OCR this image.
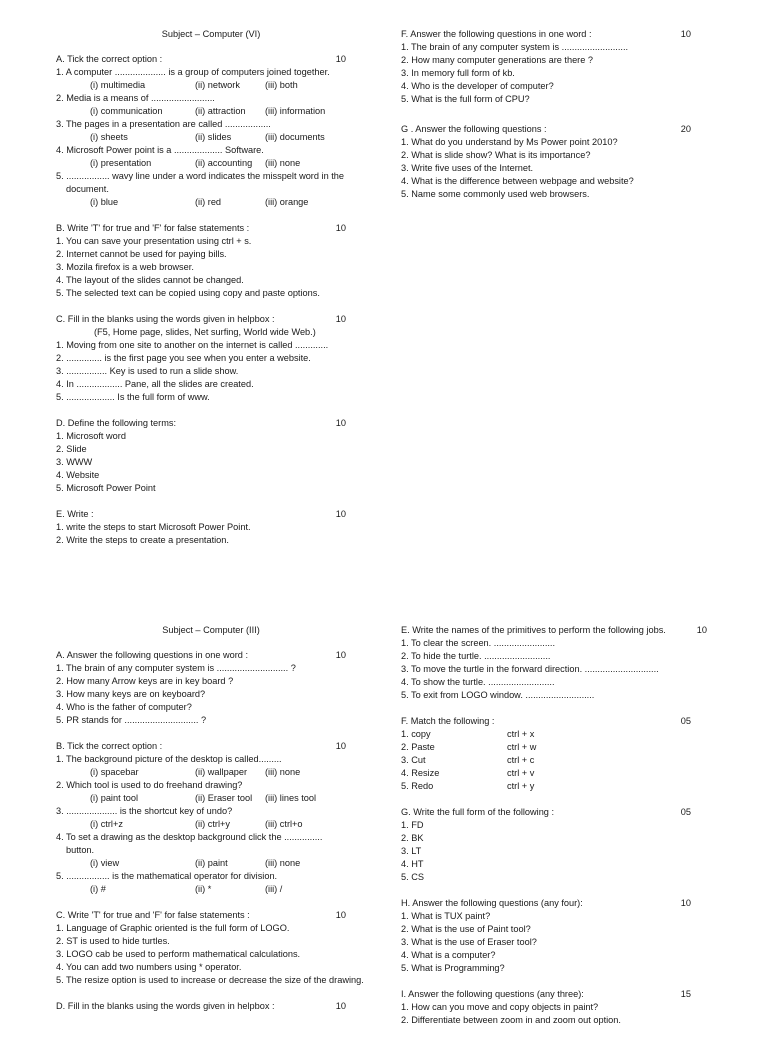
Subject – Computer (VI)
A. Tick the correct option :	10
1. A computer .................... is a group of computers joined together.
(i) multimedia	(ii) network	(iii) both
2. Media is a means of .........................
(i) communication	(ii) attraction	(iii) information
3. The pages in a presentation are called ..................
(i) sheets	(ii) slides	(iii) documents
4. Microsoft Power point is a ................... Software.
(i) presentation	(ii) accounting	(iii) none
5. ................. wavy line under a word indicates the misspelt word in the
document.
(i) blue	(ii) red	(iii) orange
B. Write 'T' for true and 'F' for false statements :	10
1. You can save your presentation using ctrl + s.
2. Internet cannot be used for paying bills.
3. Mozila firefox is a web browser.
4. The layout of the slides cannot be changed.
5. The selected text can be copied using copy and paste options.
C. Fill in the blanks using the words given in helpbox :	10
(F5, Home page, slides, Net surfing, World wide Web.)
1. Moving from one site to another on the internet is called .............
2. .............. is the first page you see when you enter a website.
3. ................ Key is used to run a slide show.
4. In .................. Pane, all the slides are created.
5. ................... Is the full form of www.
D. Define the following terms:	10
1. Microsoft word
2. Slide
3. WWW
4. Website
5. Microsoft Power Point
E. Write :	10
1. write the steps to start Microsoft Power Point.
2. Write the steps to create a presentation.
F. Answer the following questions in one word :	10
1. The brain of any computer system is ..........................
2. How many computer generations are there ?
3. In memory full form of kb.
4. Who is the developer of computer?
5. What is the full form of CPU?
G . Answer the following questions :	20
1. What do you understand by Ms Power point 2010?
2. What is slide show? What is its importance?
3. Write five uses of the Internet.
4. What is the difference between webpage and website?
5. Name some commonly used web browsers.
Subject – Computer (III)
A. Answer the following questions in one word :	10
1. The brain of any computer system is ............................ ?
2. How many Arrow keys are in key board ?
3. How many keys are on keyboard?
4. Who is the father of computer?
5. PR stands for ............................. ?
B. Tick the correct option :	10
1. The background picture of the desktop is called.........
(i) spacebar	(ii) wallpaper	(iii) none
2. Which tool is used to do freehand drawing?
(i) paint tool	(ii) Eraser tool	(iii) lines tool
3. .................... is the shortcut key of undo?
(i) ctrl+z	(ii) ctrl+y	(iii) ctrl+o
4. To set a drawing as the desktop background click the ...............
button.
(i) view	(ii) paint	(iii) none
5. ................. is the mathematical operator for division.
(i) #	(ii) *	(iii) /
C. Write 'T' for true and 'F' for false statements :	10
1. Language of Graphic oriented is the full form of LOGO.
2. ST is used to hide turtles.
3. LOGO cab be used to perform mathematical calculations.
4. You can add two numbers using * operator.
5. The resize option is used to increase or decrease the size of the drawing.
D. Fill in the blanks using the words given in helpbox :	10
E. Write the names of the primitives to perform the following jobs.	10
1. To clear the screen. ........................
2. To hide the turtle. ..........................
3. To move the turtle in the forward direction. .............................
4. To show the turtle. ..........................
5. To exit from LOGO window. ...........................
F. Match the following :	05
1. copy	ctrl + x
2. Paste	ctrl + w
3. Cut	ctrl + c
4. Resize	ctrl + v
5. Redo	ctrl + y
G. Write the full form of the following :	05
1. FD
2. BK
3. LT
4. HT
5. CS
H. Answer the following questions (any four):	10
1. What is TUX paint?
2. What is the use of Paint tool?
3. What is the use of Eraser tool?
4. What is a computer?
5. What is Programming?
I. Answer the following questions (any three):	15
1. How can you move and copy objects in paint?
2. Differentiate between zoom in and zoom out option.
